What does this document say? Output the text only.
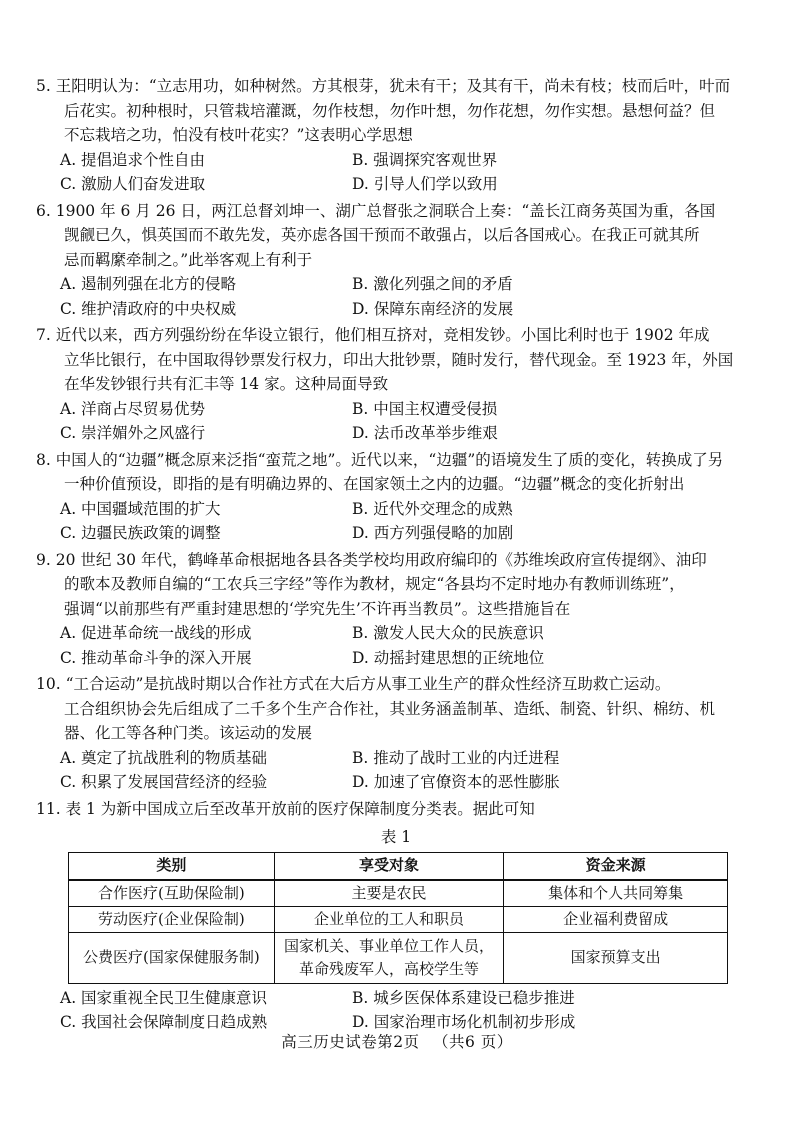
5. 王阳明认为：“立志用功，如种树然。方其根芽，犹未有干；及其有干，尚未有枝；枝而后叶，叶而
后花实。初种根时，只管栽培灌溉，勿作枝想，勿作叶想，勿作花想，勿作实想。悬想何益？但
不忘栽培之功，怕没有枝叶花实？”这表明心学思想
A. 提倡追求个性自由	B. 强调探究客观世界
C. 激励人们奋发进取	D. 引导人们学以致用
6. 1900 年 6 月 26 日，两江总督刘坤一、湖广总督张之洞联合上奏：“盖长江商务英国为重，各国
觊觎已久，惧英国而不敢先发，英亦虑各国干预而不敢强占，以后各国戒心。在我正可就其所
忌而羁縻牵制之。”此举客观上有利于
A. 遏制列强在北方的侵略	B. 激化列强之间的矛盾
C. 维护清政府的中央权威	D. 保障东南经济的发展
7. 近代以来，西方列强纷纷在华设立银行，他们相互挤对，竞相发钞。小国比利时也于 1902 年成
立华比银行，在中国取得钞票发行权力，印出大批钞票，随时发行，替代现金。至 1923 年，外国
在华发钞银行共有汇丰等 14 家。这种局面导致
A. 洋商占尽贸易优势	B. 中国主权遭受侵损
C. 崇洋媚外之风盛行	D. 法币改革举步维艰
8. 中国人的“边疆”概念原来泛指“蛮荒之地”。近代以来，“边疆”的语境发生了质的变化，转换成了另
一种价值预设，即指的是有明确边界的、在国家领土之内的边疆。“边疆”概念的变化折射出
A. 中国疆域范围的扩大	B. 近代外交理念的成熟
C. 边疆民族政策的调整	D. 西方列强侵略的加剧
9. 20 世纪 30 年代，鹤峰革命根据地各县各类学校均用政府编印的《苏维埃政府宣传提纲》、油印
的歌本及教师自编的“工农兵三字经”等作为教材，规定“各县均不定时地办有教师训练班”，
强调“以前那些有严重封建思想的‘学究先生’不许再当教员”。这些措施旨在
A. 促进革命统一战线的形成	B. 激发人民大众的民族意识
C. 推动革命斗争的深入开展	D. 动摇封建思想的正统地位
10. “工合运动”是抗战时期以合作社方式在大后方从事工业生产的群众性经济互助救亡运动。
工合组织协会先后组成了二千多个生产合作社，其业务涵盖制革、造纸、制瓷、针织、棉纺、机
器、化工等各种门类。该运动的发展
A. 奠定了抗战胜利的物质基础	B. 推动了战时工业的内迁进程
C. 积累了发展国营经济的经验	D. 加速了官僚资本的恶性膨胀
11. 表 1 为新中国成立后至改革开放前的医疗保障制度分类表。据此可知
表 1
类别	享受对象	资金来源
合作医疗(互助保险制)	主要是农民	集体和个人共同筹集
劳动医疗(企业保险制)	企业单位的工人和职员	企业福利费留成
公费医疗(国家保健服务制)	国家机关、事业单位工作人员，革命残废军人，高校学生等	国家预算支出
A. 国家重视全民卫生健康意识	B. 城乡医保体系建设已稳步推进
C. 我国社会保障制度日趋成熟	D. 国家治理市场化机制初步形成
高三历史试卷第2页 （共6 页）
